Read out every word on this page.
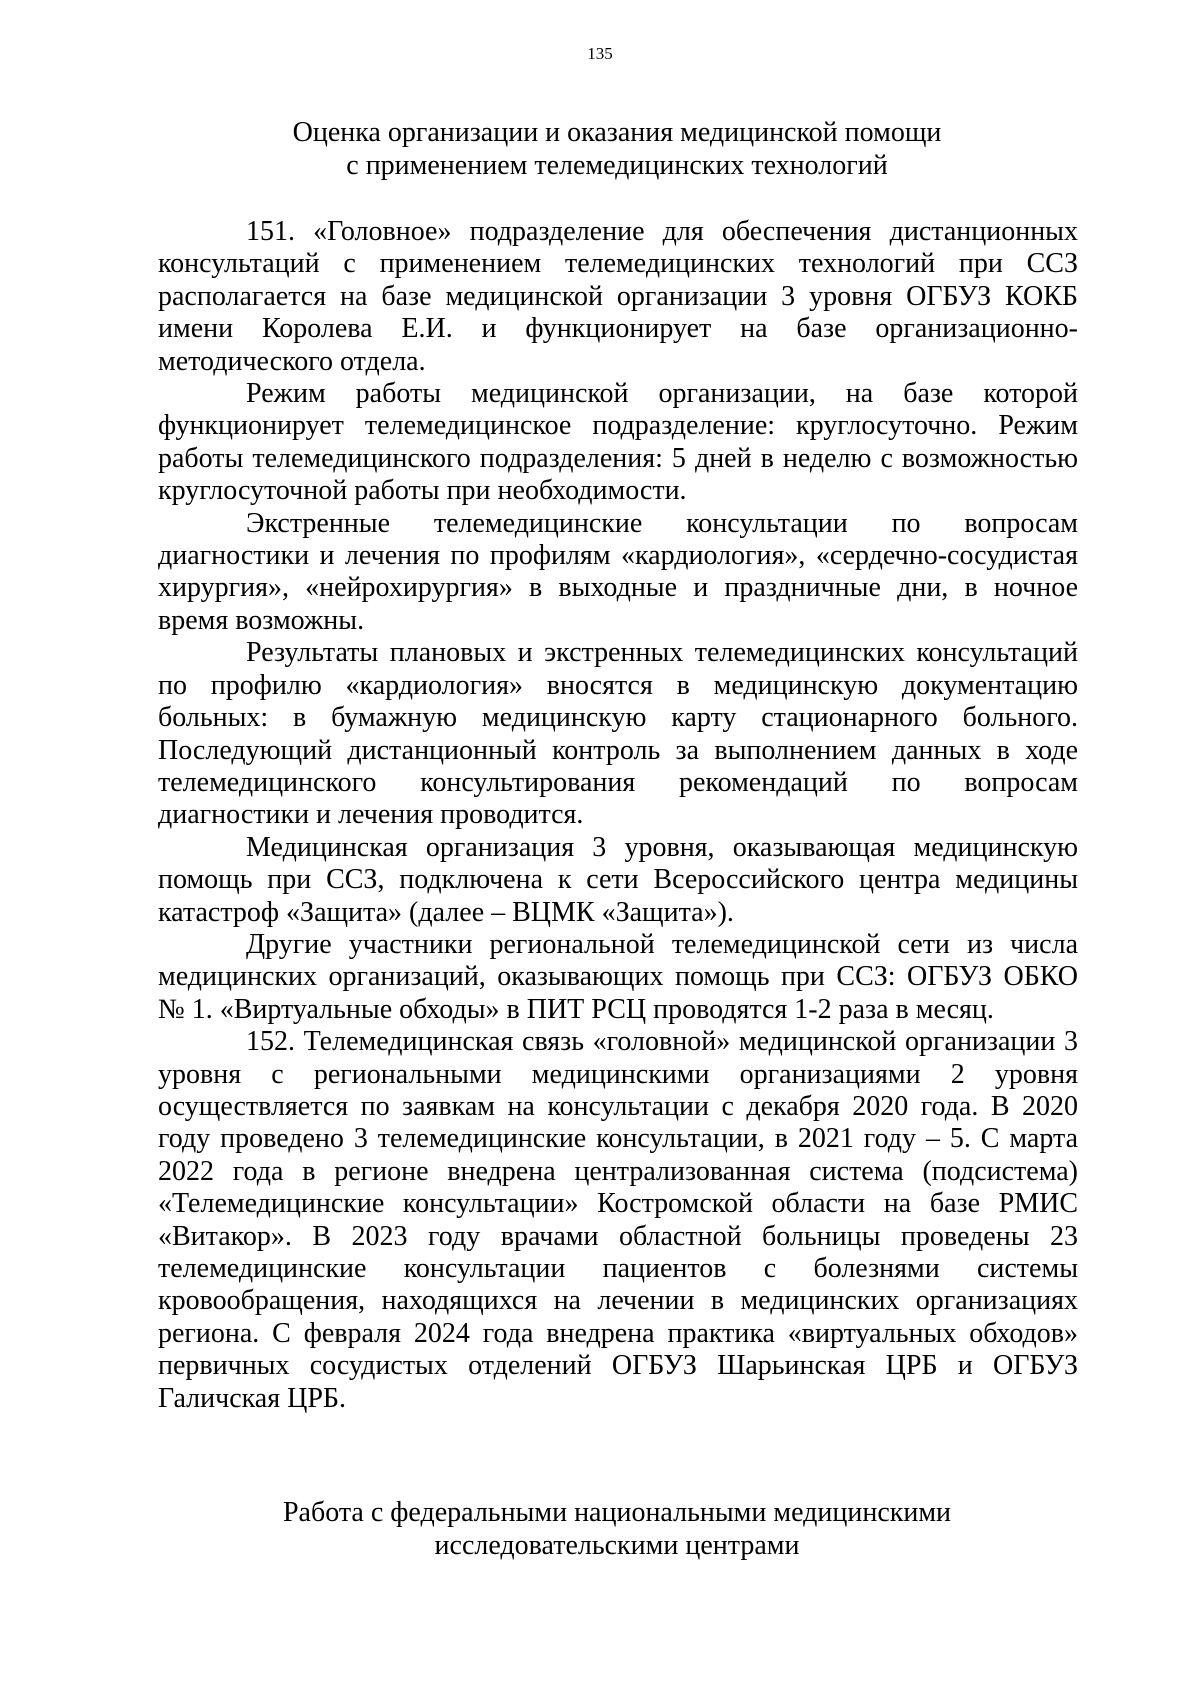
135
Оценка организации и оказания медицинской помощи
с применением телемедицинских технологий

151. «Головное» подразделение для обеспечения дистанционных консультаций с применением телемедицинских технологий при ССЗ располагается на базе медицинской организации 3 уровня ОГБУЗ КОКБ имени Королева Е.И. и функционирует на базе организационно-методического отдела.

Режим работы медицинской организации, на базе которой функционирует телемедицинское подразделение: круглосуточно. Режим работы телемедицинского подразделения: 5 дней в неделю с возможностью круглосуточной работы при необходимости.

Экстренные телемедицинские консультации по вопросам диагностики и лечения по профилям «кардиология», «сердечно-сосудистая хирургия», «нейрохирургия» в выходные и праздничные дни, в ночное время возможны.

Результаты плановых и экстренных телемедицинских консультаций по профилю «кардиология» вносятся в медицинскую документацию больных: в бумажную медицинскую карту стационарного больного. Последующий дистанционный контроль за выполнением данных в ходе телемедицинского консультирования рекомендаций по вопросам диагностики и лечения проводится.

Медицинская организация 3 уровня, оказывающая медицинскую помощь при ССЗ, подключена к сети Всероссийского центра медицины катастроф «Защита» (далее – ВЦМК «Защита»).

Другие участники региональной телемедицинской сети из числа медицинских организаций, оказывающих помощь при ССЗ: ОГБУЗ ОБКО № 1. «Виртуальные обходы» в ПИТ РСЦ проводятся 1-2 раза в месяц.

152. Телемедицинская связь «головной» медицинской организации 3 уровня с региональными медицинскими организациями 2 уровня осуществляется по заявкам на консультации с декабря 2020 года. В 2020 году проведено 3 телемедицинские консультации, в 2021 году – 5. С марта 2022 года в регионе внедрена централизованная система (подсистема) «Телемедицинские консультации» Костромской области на базе РМИС «Витакор». В 2023 году врачами областной больницы проведены 23 телемедицинские консультации пациентов с болезнями системы кровообращения, находящихся на лечении в медицинских организациях региона. С февраля 2024 года внедрена практика «виртуальных обходов» первичных сосудистых отделений ОГБУЗ Шарьинская ЦРБ и ОГБУЗ Галичская ЦРБ.

Работа с федеральными национальными медицинскими
исследовательскими центрами
